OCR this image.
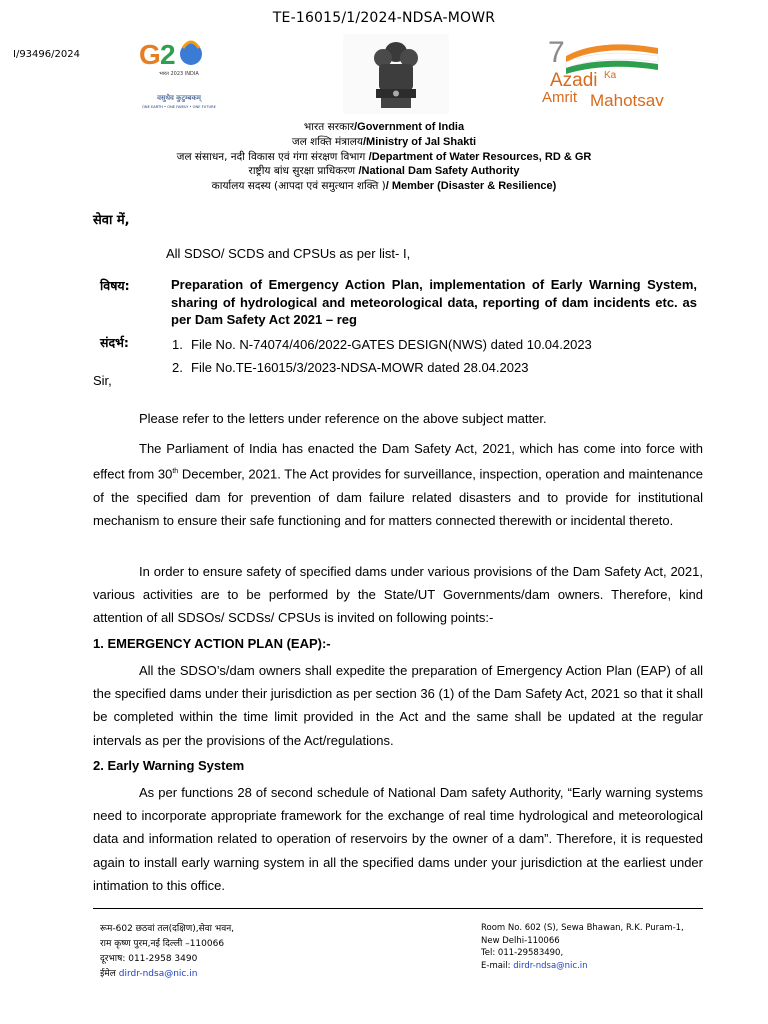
TE-16015/1/2024-NDSA-MOWR
I/93496/2024 G 2
भारत 2023 INDIA
वसुधैव कुटुम्बकम्
ONE EARTH • ONE FAMILY • ONE FUTURE
7
Azadi Ka
Amrit Mahotsav
भारत सरकार/Government of India
जल शक्ति मंत्रालय/Ministry of Jal Shakti
जल संसाधन, नदी विकास एवं गंगा संरक्षण विभाग /Department of Water Resources, RD & GR
राष्ट्रीय बांध सुरक्षा प्राधिकरण /National Dam Safety Authority
कार्यालय सदस्य (आपदा एवं समुत्थान शक्ति )/ Member (Disaster & Resilience)
सेवा में,
All SDSO/ SCDS and CPSUs as per list- I,
विषय:	Preparation of Emergency Action Plan, implementation of Early Warning System, sharing of hydrological and meteorological data, reporting of dam incidents etc. as per Dam Safety Act 2021 – reg
संदर्भ:	1. File No. N-74074/406/2022-GATES DESIGN(NWS) dated 10.04.2023
2. File No.TE-16015/3/2023-NDSA-MOWR dated 28.04.2023
Sir,
Please refer to the letters under reference on the above subject matter.
The Parliament of India has enacted the Dam Safety Act, 2021, which has come into force with effect from 30th December, 2021. The Act provides for surveillance, inspection, operation and maintenance of the specified dam for prevention of dam failure related disasters and to provide for institutional mechanism to ensure their safe functioning and for matters connected therewith or incidental thereto.
In order to ensure safety of specified dams under various provisions of the Dam Safety Act, 2021, various activities are to be performed by the State/UT Governments/dam owners. Therefore, kind attention of all SDSOs/ SCDSs/ CPSUs is invited on following points:-
1. EMERGENCY ACTION PLAN (EAP):-
All the SDSO’s/dam owners shall expedite the preparation of Emergency Action Plan (EAP) of all the specified dams under their jurisdiction as per section 36 (1) of the Dam Safety Act, 2021 so that it shall be completed within the time limit provided in the Act and the same shall be updated at the regular intervals as per the provisions of the Act/regulations.
2. Early Warning System
As per functions 28 of second schedule of National Dam safety Authority, “Early warning systems need to incorporate appropriate framework for the exchange of real time hydrological and meteorological data and information related to operation of reservoirs by the owner of a dam”. Therefore, it is requested again to install early warning system in all the specified dams under your jurisdiction at the earliest under intimation to this office.
रूम-602 छठवां तल(दक्षिण),सेवा भवन,
राम कृष्ण पुरम,नई दिल्ली –110066
दूरभाष: 011-2958 3490
ईमेल dirdr-ndsa@nic.in
Room No. 602 (S), Sewa Bhawan, R.K. Puram-1,
New Delhi-110066
Tel: 011-29583490,
E-mail: dirdr-ndsa@nic.in
